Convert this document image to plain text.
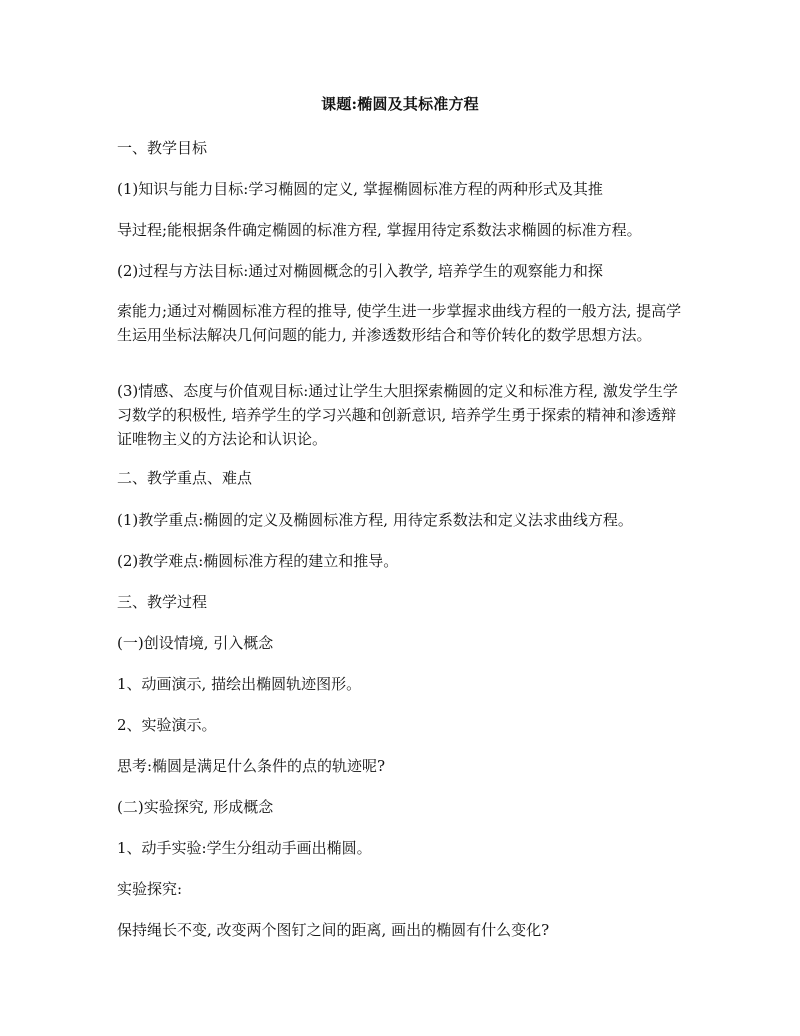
课题:椭圆及其标准方程
一、教学目标
(1)知识与能力目标:学习椭圆的定义, 掌握椭圆标准方程的两种形式及其推
导过程;能根据条件确定椭圆的标准方程, 掌握用待定系数法求椭圆的标准方程。
(2)过程与方法目标:通过对椭圆概念的引入教学, 培养学生的观察能力和探
索能力;通过对椭圆标准方程的推导, 使学生进一步掌握求曲线方程的一般方法, 提高学生运用坐标法解决几何问题的能力, 并渗透数形结合和等价转化的数学思想方法。
(3)情感、态度与价值观目标:通过让学生大胆探索椭圆的定义和标准方程, 激发学生学习数学的积极性, 培养学生的学习兴趣和创新意识, 培养学生勇于探索的精神和渗透辩证唯物主义的方法论和认识论。
二、教学重点、难点
(1)教学重点:椭圆的定义及椭圆标准方程, 用待定系数法和定义法求曲线方程。
(2)教学难点:椭圆标准方程的建立和推导。
三、教学过程
(一)创设情境, 引入概念
1、动画演示, 描绘出椭圆轨迹图形。
2、实验演示。
思考:椭圆是满足什么条件的点的轨迹呢?
(二)实验探究, 形成概念
1、动手实验:学生分组动手画出椭圆。
实验探究:
保持绳长不变, 改变两个图钉之间的距离, 画出的椭圆有什么变化?
